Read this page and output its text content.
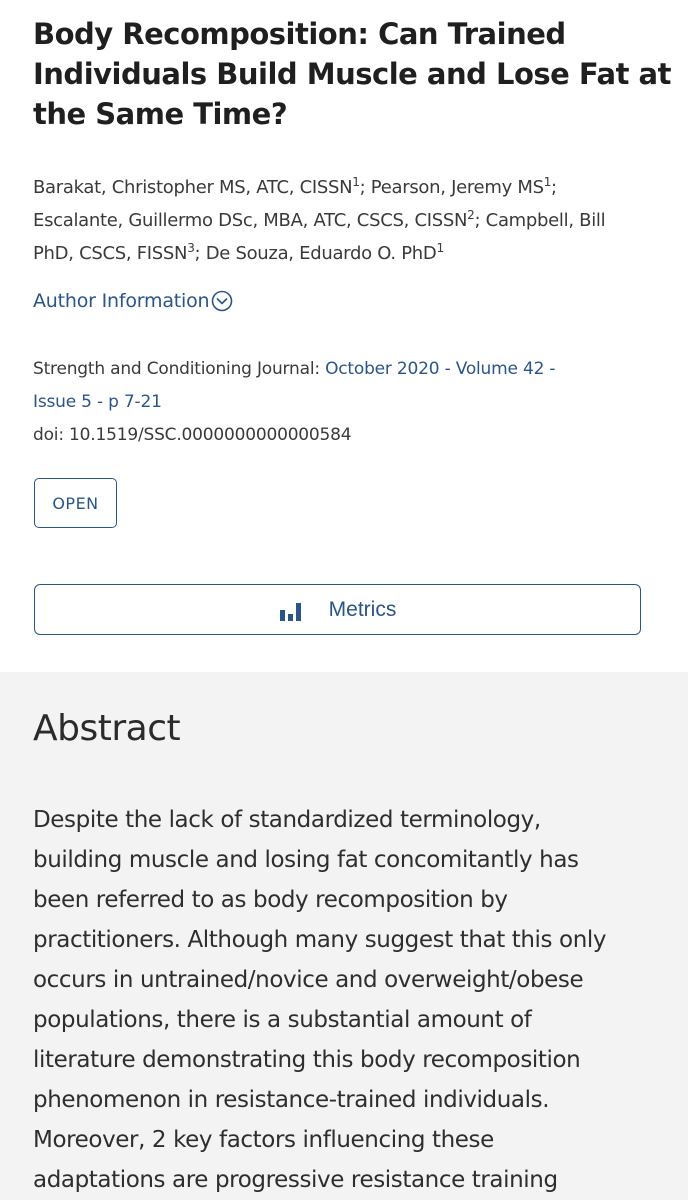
Body Recomposition: Can Trained
Individuals Build Muscle and Lose Fat at
the Same Time?
Barakat, Christopher MS, ATC, CISSN$^1$; Pearson, Jeremy $MS^1$;
Escalante, Guillermo DSc, MBA, ATC, CSCS, CISSN$^2$; Campbell, Bill
PhD, CSCS, FISSN$^3$; De Souza, Eduardo O. PhD$^1$
Author Information
Strength and Conditioning Journal: October 2020 - Volume 42 -
Issue 5 - p 7-21
doi: 10.1519/SSC.0000000000000584
OPEN
Metrics
Abstract
Despite the lack of standardized terminology,
building muscle and losing fat concomitantly has
been referred to as body recomposition by
practitioners. Although many suggest that this only
occurs in untrained/novice and overweight/obese
populations, there is a substantial amount of
literature demonstrating this body recomposition
phenomenon in resistance-trained individuals.
Moreover, 2 key factors influencing these
adaptations are progressive resistance training
